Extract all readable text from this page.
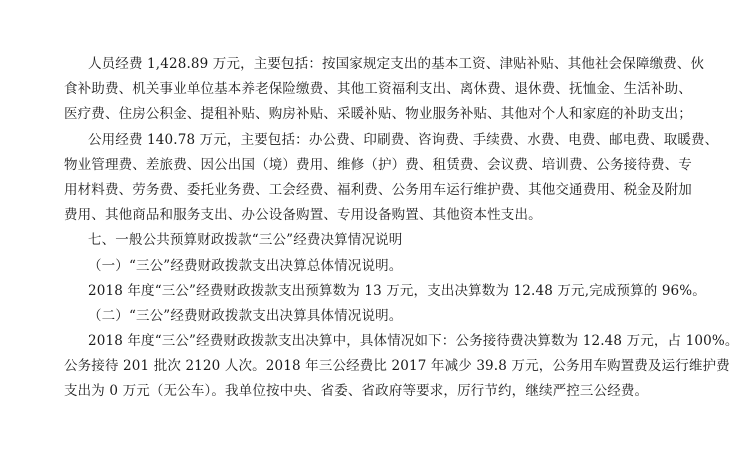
人员经费 1,428.89 万元，主要包括：按国家规定支出的基本工资、津贴补贴、其他社会保障缴费、伙
食补助费、机关事业单位基本养老保险缴费、其他工资福利支出、离休费、退休费、抚恤金、生活补助、
医疗费、住房公积金、提租补贴、购房补贴、采暖补贴、物业服务补贴、其他对个人和家庭的补助支出；
公用经费 140.78 万元，主要包括：办公费、印刷费、咨询费、手续费、水费、电费、邮电费、取暖费、
物业管理费、差旅费、因公出国（境）费用、维修（护）费、租赁费、会议费、培训费、公务接待费、专
用材料费、劳务费、委托业务费、工会经费、福利费、公务用车运行维护费、其他交通费用、税金及附加
费用、其他商品和服务支出、办公设备购置、专用设备购置、其他资本性支出。
七、一般公共预算财政拨款“三公”经费决算情况说明
（一）“三公”经费财政拨款支出决算总体情况说明。
2018 年度“三公”经费财政拨款支出预算数为 13 万元，支出决算数为 12.48 万元,完成预算的 96%。
（二）“三公”经费财政拨款支出决算具体情况说明。
2018 年度“三公”经费财政拨款支出决算中，具体情况如下：公务接待费决算数为 12.48 万元，占 100%。
公务接待 201 批次 2120 人次。2018 年三公经费比 2017 年减少 39.8 万元，公务用车购置费及运行维护费
支出为 0 万元（无公车）。我单位按中央、省委、省政府等要求，厉行节约，继续严控三公经费。
